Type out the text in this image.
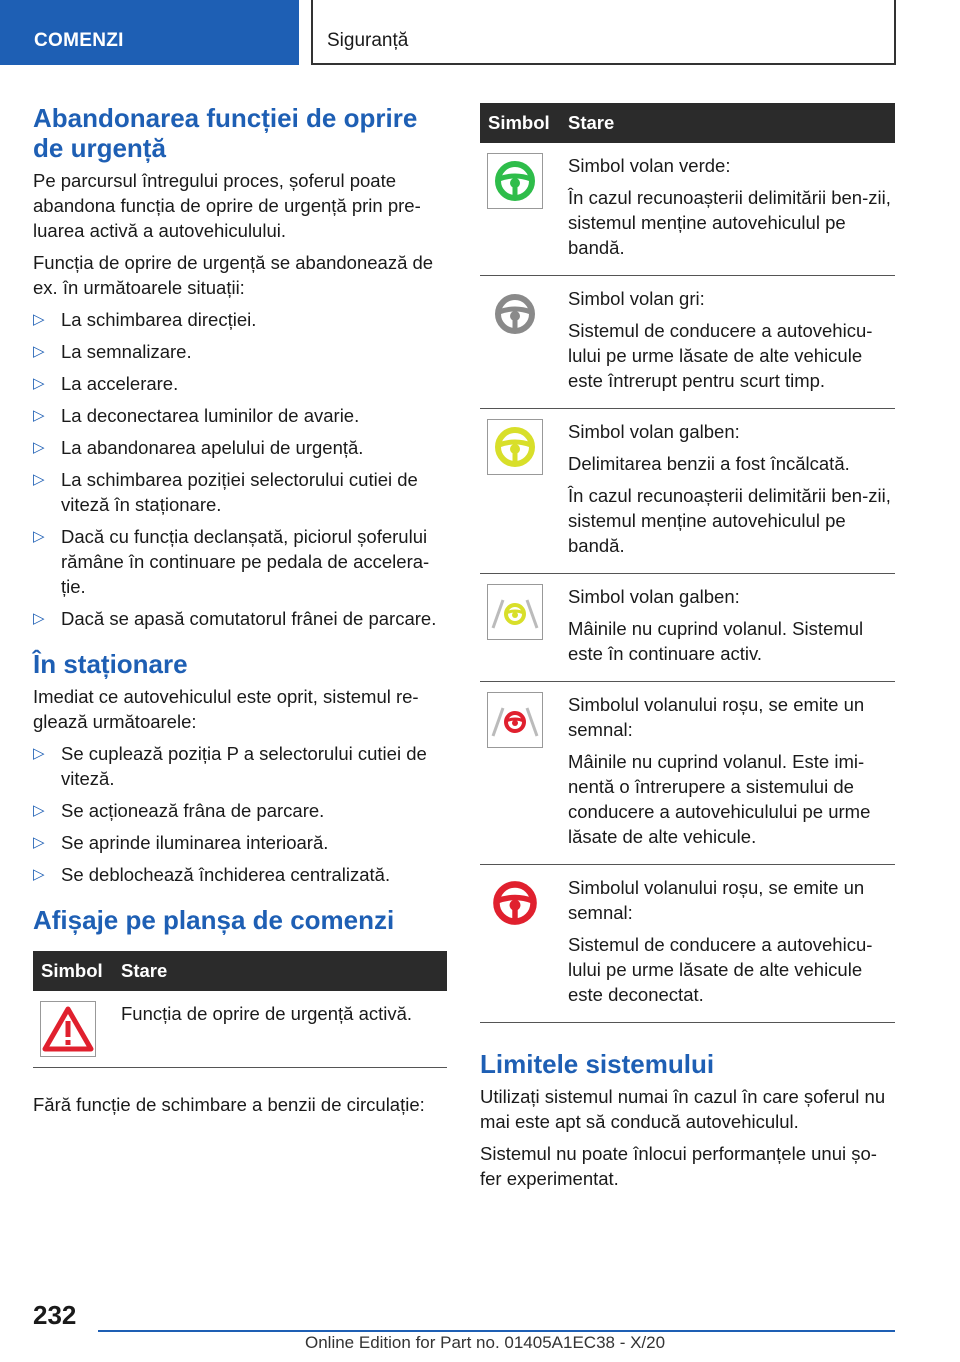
COMENZI	Siguranță
Abandonarea funcției de oprire de urgență

Pe parcursul întregului proces, șoferul poate abandona funcția de oprire de urgență prin pre-luarea activă a autovehiculului.

Funcția de oprire de urgență se abandonează de ex. în următoarele situații:

▷ La schimbarea direcției.
▷ La semnalizare.
▷ La accelerare.
▷ La deconectarea luminilor de avarie.
▷ La abandonarea apelului de urgență.
▷ La schimbarea poziției selectorului cutiei de viteză în staționare.
▷ Dacă cu funcția declanșată, piciorul șoferului rămâne în continuare pe pedala de accelera-ție.
▷ Dacă se apasă comutatorul frânei de parcare.
În staționare

Imediat ce autovehiculul este oprit, sistemul re-glează următoarele:

▷ Se cuplează poziția P a selectorului cutiei de viteză.
▷ Se acționează frâna de parcare.
▷ Se aprinde iluminarea interioară.
▷ Se deblochează închiderea centralizată.
Afișaje pe planșa de comenzi
Simbol Stare

Funcția de oprire de urgență activă.

Fără funcție de schimbare a benzii de circulație:

Simbol Stare

Simbol volan verde:

În cazul recunoașterii delimitării ben-zii, sistemul menține autovehiculul pe bandă.

Simbol volan gri:

Sistemul de conducere a autovehicu-lului pe urme lăsate de alte vehicule este întrerupt pentru scurt timp.

Simbol volan galben:

Delimitarea benzii a fost încălcată.

În cazul recunoașterii delimitării ben-zii, sistemul menține autovehiculul pe bandă.

Simbol volan galben:

Mâinile nu cuprind volanul. Sistemul este în continuare activ.

Simbolul volanului roșu, se emite un semnal:

Mâinile nu cuprind volanul. Este imi-nentă o întrerupere a sistemului de conducere a autovehiculului pe urme lăsate de alte vehicule.

Simbolul volanului roșu, se emite un semnal:

Sistemul de conducere a autovehicu-lului pe urme lăsate de alte vehicule este deconectat.

Limitele sistemului

Utilizați sistemul numai în cazul în care șoferul nu mai este apt să conducă autovehiculul.

Sistemul nu poate înlocui performanțele unui șo-fer experimentat.

232
Online Edition for Part no. 01405A1EC38 - X/20
